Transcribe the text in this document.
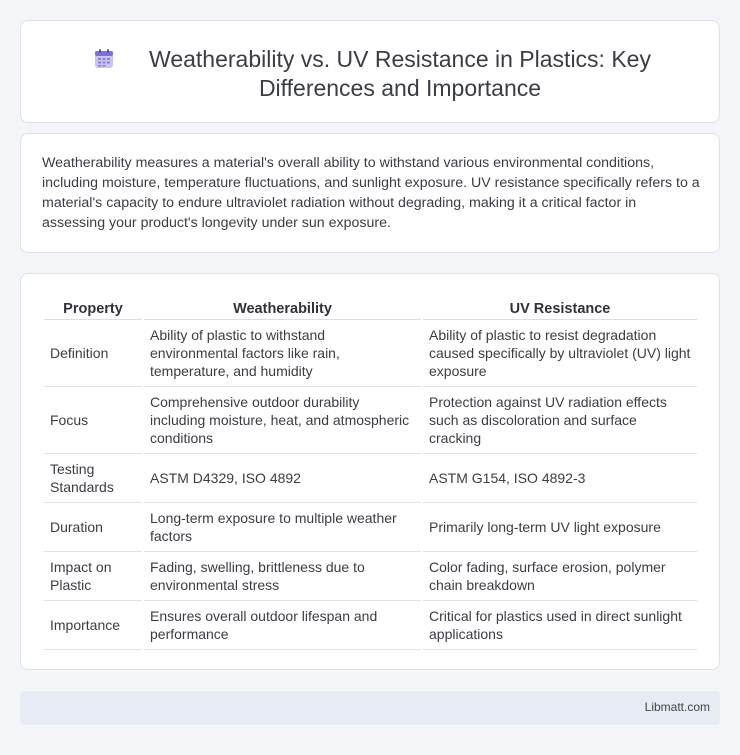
Weatherability vs. UV Resistance in Plastics: Key
Differences and Importance

Weatherability measures a material's overall ability to withstand various environmental conditions, including moisture, temperature fluctuations, and sunlight exposure. UV resistance specifically refers to a material's capacity to endure ultraviolet radiation without degrading, making it a critical factor in assessing your product's longevity under sun exposure.

Property	Weatherability	UV Resistance
Definition	Ability of plastic to withstand environmental factors like rain, temperature, and humidity	Ability of plastic to resist degradation caused specifically by ultraviolet (UV) light exposure
Focus	Comprehensive outdoor durability including moisture, heat, and atmospheric conditions	Protection against UV radiation effects such as discoloration and surface cracking
Testing Standards	ASTM D4329, ISO 4892	ASTM G154, ISO 4892-3
Duration	Long-term exposure to multiple weather factors	Primarily long-term UV light exposure
Impact on Plastic	Fading, swelling, brittleness due to environmental stress	Color fading, surface erosion, polymer chain breakdown
Importance	Ensures overall outdoor lifespan and performance	Critical for plastics used in direct sunlight applications
Libmatt.com
